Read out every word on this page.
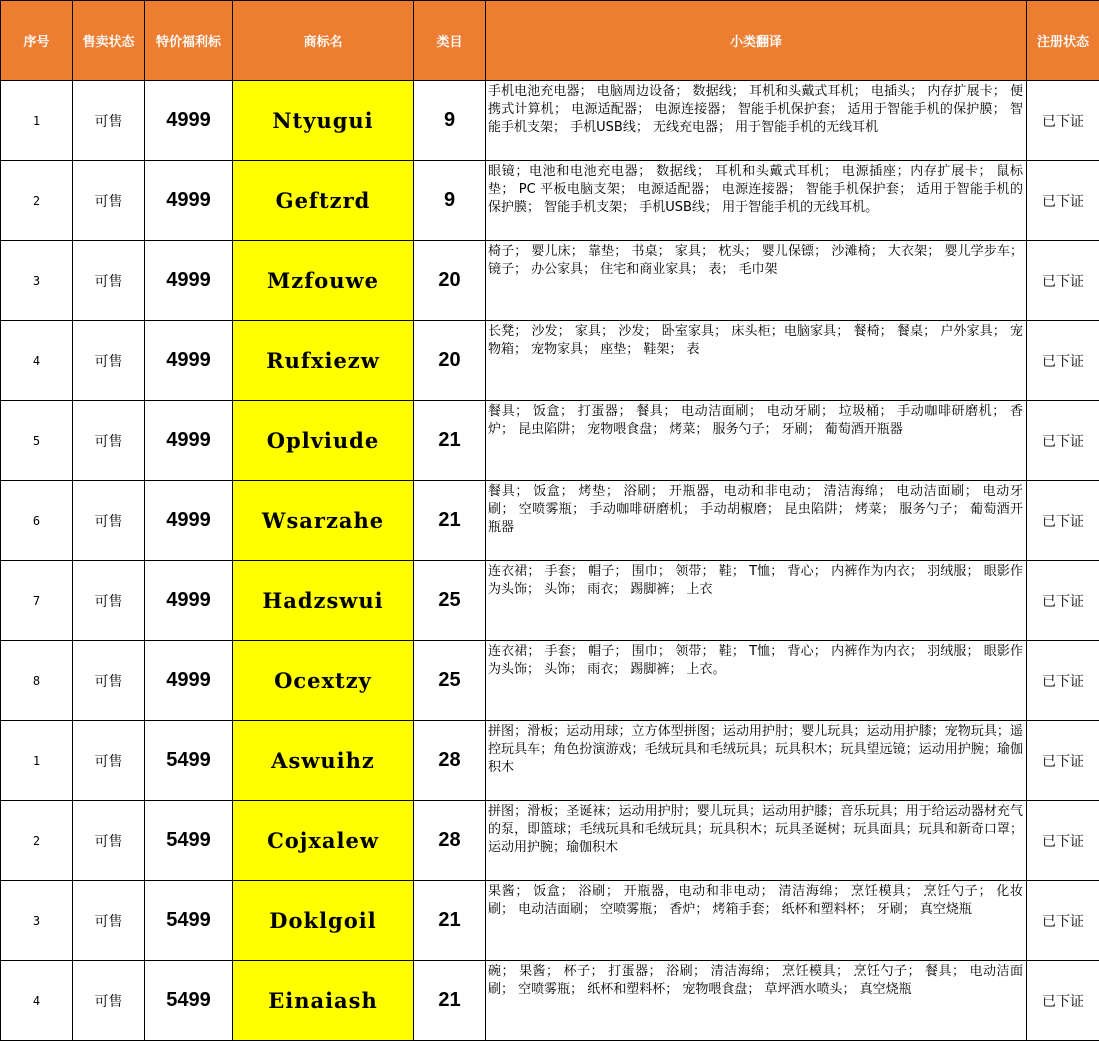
序号	售卖状态	特价福利标	商标名	类目	小类翻译	注册状态
1	可售	4999	Ntyugui	9	手机电池充电器； 电脑周边设备； 数据线； 耳机和头戴式耳机； 电插头； 内存扩展卡； 便携式计算机； 电源适配器； 电源连接器； 智能手机保护套； 适用于智能手机的保护膜； 智能手机支架； 手机USB线； 无线充电器； 用于智能手机的无线耳机	已下证
2	可售	4999	Geftzrd	9	眼镜；电池和电池充电器； 数据线； 耳机和头戴式耳机； 电源插座；内存扩展卡； 鼠标垫； PC 平板电脑支架； 电源适配器； 电源连接器； 智能手机保护套； 适用于智能手机的保护膜； 智能手机支架； 手机USB线； 用于智能手机的无线耳机。	已下证
3	可售	4999	Mzfouwe	20	椅子； 婴儿床； 靠垫； 书桌； 家具； 枕头； 婴儿保镖； 沙滩椅； 大衣架； 婴儿学步车； 镜子； 办公家具； 住宅和商业家具； 表； 毛巾架	已下证
4	可售	4999	Rufxiezw	20	长凳； 沙发； 家具； 沙发； 卧室家具； 床头柜；电脑家具； 餐椅； 餐桌； 户外家具； 宠物箱； 宠物家具； 座垫； 鞋架； 表	已下证
5	可售	4999	Oplviude	21	餐具； 饭盒； 打蛋器； 餐具； 电动洁面刷； 电动牙刷； 垃圾桶； 手动咖啡研磨机； 香炉； 昆虫陷阱； 宠物喂食盘； 烤菜； 服务勺子； 牙刷； 葡萄酒开瓶器	已下证
6	可售	4999	Wsarzahe	21	餐具； 饭盒； 烤垫； 浴刷； 开瓶器，电动和非电动； 清洁海绵； 电动洁面刷； 电动牙刷； 空喷雾瓶； 手动咖啡研磨机； 手动胡椒磨； 昆虫陷阱； 烤菜； 服务勺子； 葡萄酒开瓶器	已下证
7	可售	4999	Hadzswui	25	连衣裙； 手套； 帽子； 围巾； 领带； 鞋； T恤； 背心； 内裤作为内衣； 羽绒服； 眼影作为头饰； 头饰； 雨衣； 踢脚裤； 上衣	已下证
8	可售	4999	Ocextzy	25	连衣裙； 手套； 帽子； 围巾； 领带； 鞋； T恤； 背心； 内裤作为内衣； 羽绒服； 眼影作为头饰； 头饰； 雨衣； 踢脚裤； 上衣。	已下证
1	可售	5499	Aswuihz	28	拼图；滑板；运动用球；立方体型拼图；运动用护肘；婴儿玩具；运动用护膝；宠物玩具；遥控玩具车；角色扮演游戏；毛绒玩具和毛绒玩具；玩具积木；玩具望远镜；运动用护腕；瑜伽积木	已下证
2	可售	5499	Cojxalew	28	拼图；滑板；圣诞袜；运动用护肘；婴儿玩具；运动用护膝；音乐玩具；用于给运动器材充气的泵，即篮球；毛绒玩具和毛绒玩具；玩具积木；玩具圣诞树；玩具面具；玩具和新奇口罩；运动用护腕；瑜伽积木	已下证
3	可售	5499	Doklgoil	21	果酱； 饭盒； 浴刷； 开瓶器，电动和非电动； 清洁海绵； 烹饪模具； 烹饪勺子； 化妆刷； 电动洁面刷； 空喷雾瓶； 香炉； 烤箱手套； 纸杯和塑料杯； 牙刷； 真空烧瓶	已下证
4	可售	5499	Einaiash	21	碗； 果酱； 杯子； 打蛋器； 浴刷； 清洁海绵； 烹饪模具； 烹饪勺子； 餐具； 电动洁面刷； 空喷雾瓶； 纸杯和塑料杯； 宠物喂食盘； 草坪洒水喷头； 真空烧瓶	已下证
